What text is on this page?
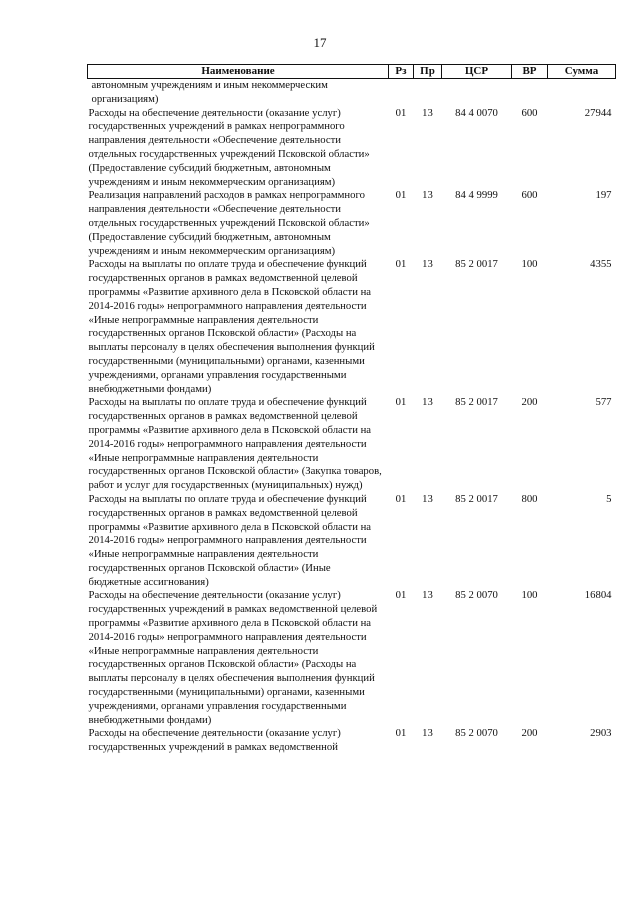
17
Наименование	Рз	Пр	ЦСР	ВР	Сумма

автономным учреждениям и иным некоммерческим организациям)					

Расходы на обеспечение деятельности (оказание услуг) государственных учреждений в рамках непрограммного направления деятельности «Обеспечение деятельности отдельных государственных учреждений Псковской области» (Предоставление субсидий бюджетным, автономным учреждениям и иным некоммерческим организациям)	01	13	84 4 0070	600	27944

Реализация направлений расходов в рамках непрограммного направления деятельности «Обеспечение деятельности отдельных государственных учреждений Псковской области» (Предоставление субсидий бюджетным, автономным учреждениям и иным некоммерческим организациям)	01	13	84 4 9999	600	197

Расходы на выплаты по оплате труда и обеспечение функций государственных органов в рамках ведомственной целевой программы «Развитие архивного дела в Псковской области на 2014-2016 годы» непрограммного направления деятельности «Иные непрограммные направления деятельности государственных органов Псковской области» (Расходы на выплаты персоналу в целях обеспечения выполнения функций государственными (муниципальными) органами, казенными учреждениями, органами управления государственными внебюджетными фондами)	01	13	85 2 0017	100	4355

Расходы на выплаты по оплате труда и обеспечение функций государственных органов в рамках ведомственной целевой программы «Развитие архивного дела в Псковской области на 2014-2016 годы» непрограммного направления деятельности «Иные непрограммные направления деятельности государственных органов Псковской области» (Закупка товаров, работ и услуг для государственных (муниципальных) нужд)	01	13	85 2 0017	200	577

Расходы на выплаты по оплате труда и обеспечение функций государственных органов в рамках ведомственной целевой программы «Развитие архивного дела в Псковской области на 2014-2016 годы» непрограммного направления деятельности «Иные непрограммные направления деятельности государственных органов Псковской области» (Иные бюджетные ассигнования)	01	13	85 2 0017	800	5

Расходы на обеспечение деятельности (оказание услуг) государственных учреждений в рамках ведомственной целевой программы «Развитие архивного дела в Псковской области на 2014-2016 годы» непрограммного направления деятельности «Иные непрограммные направления деятельности государственных органов Псковской области» (Расходы на выплаты персоналу в целях обеспечения выполнения функций государственными (муниципальными) органами, казенными учреждениями, органами управления государственными внебюджетными фондами)	01	13	85 2 0070	100	16804

Расходы на обеспечение деятельности (оказание услуг) государственных учреждений в рамках ведомственной	01	13	85 2 0070	200	2903
